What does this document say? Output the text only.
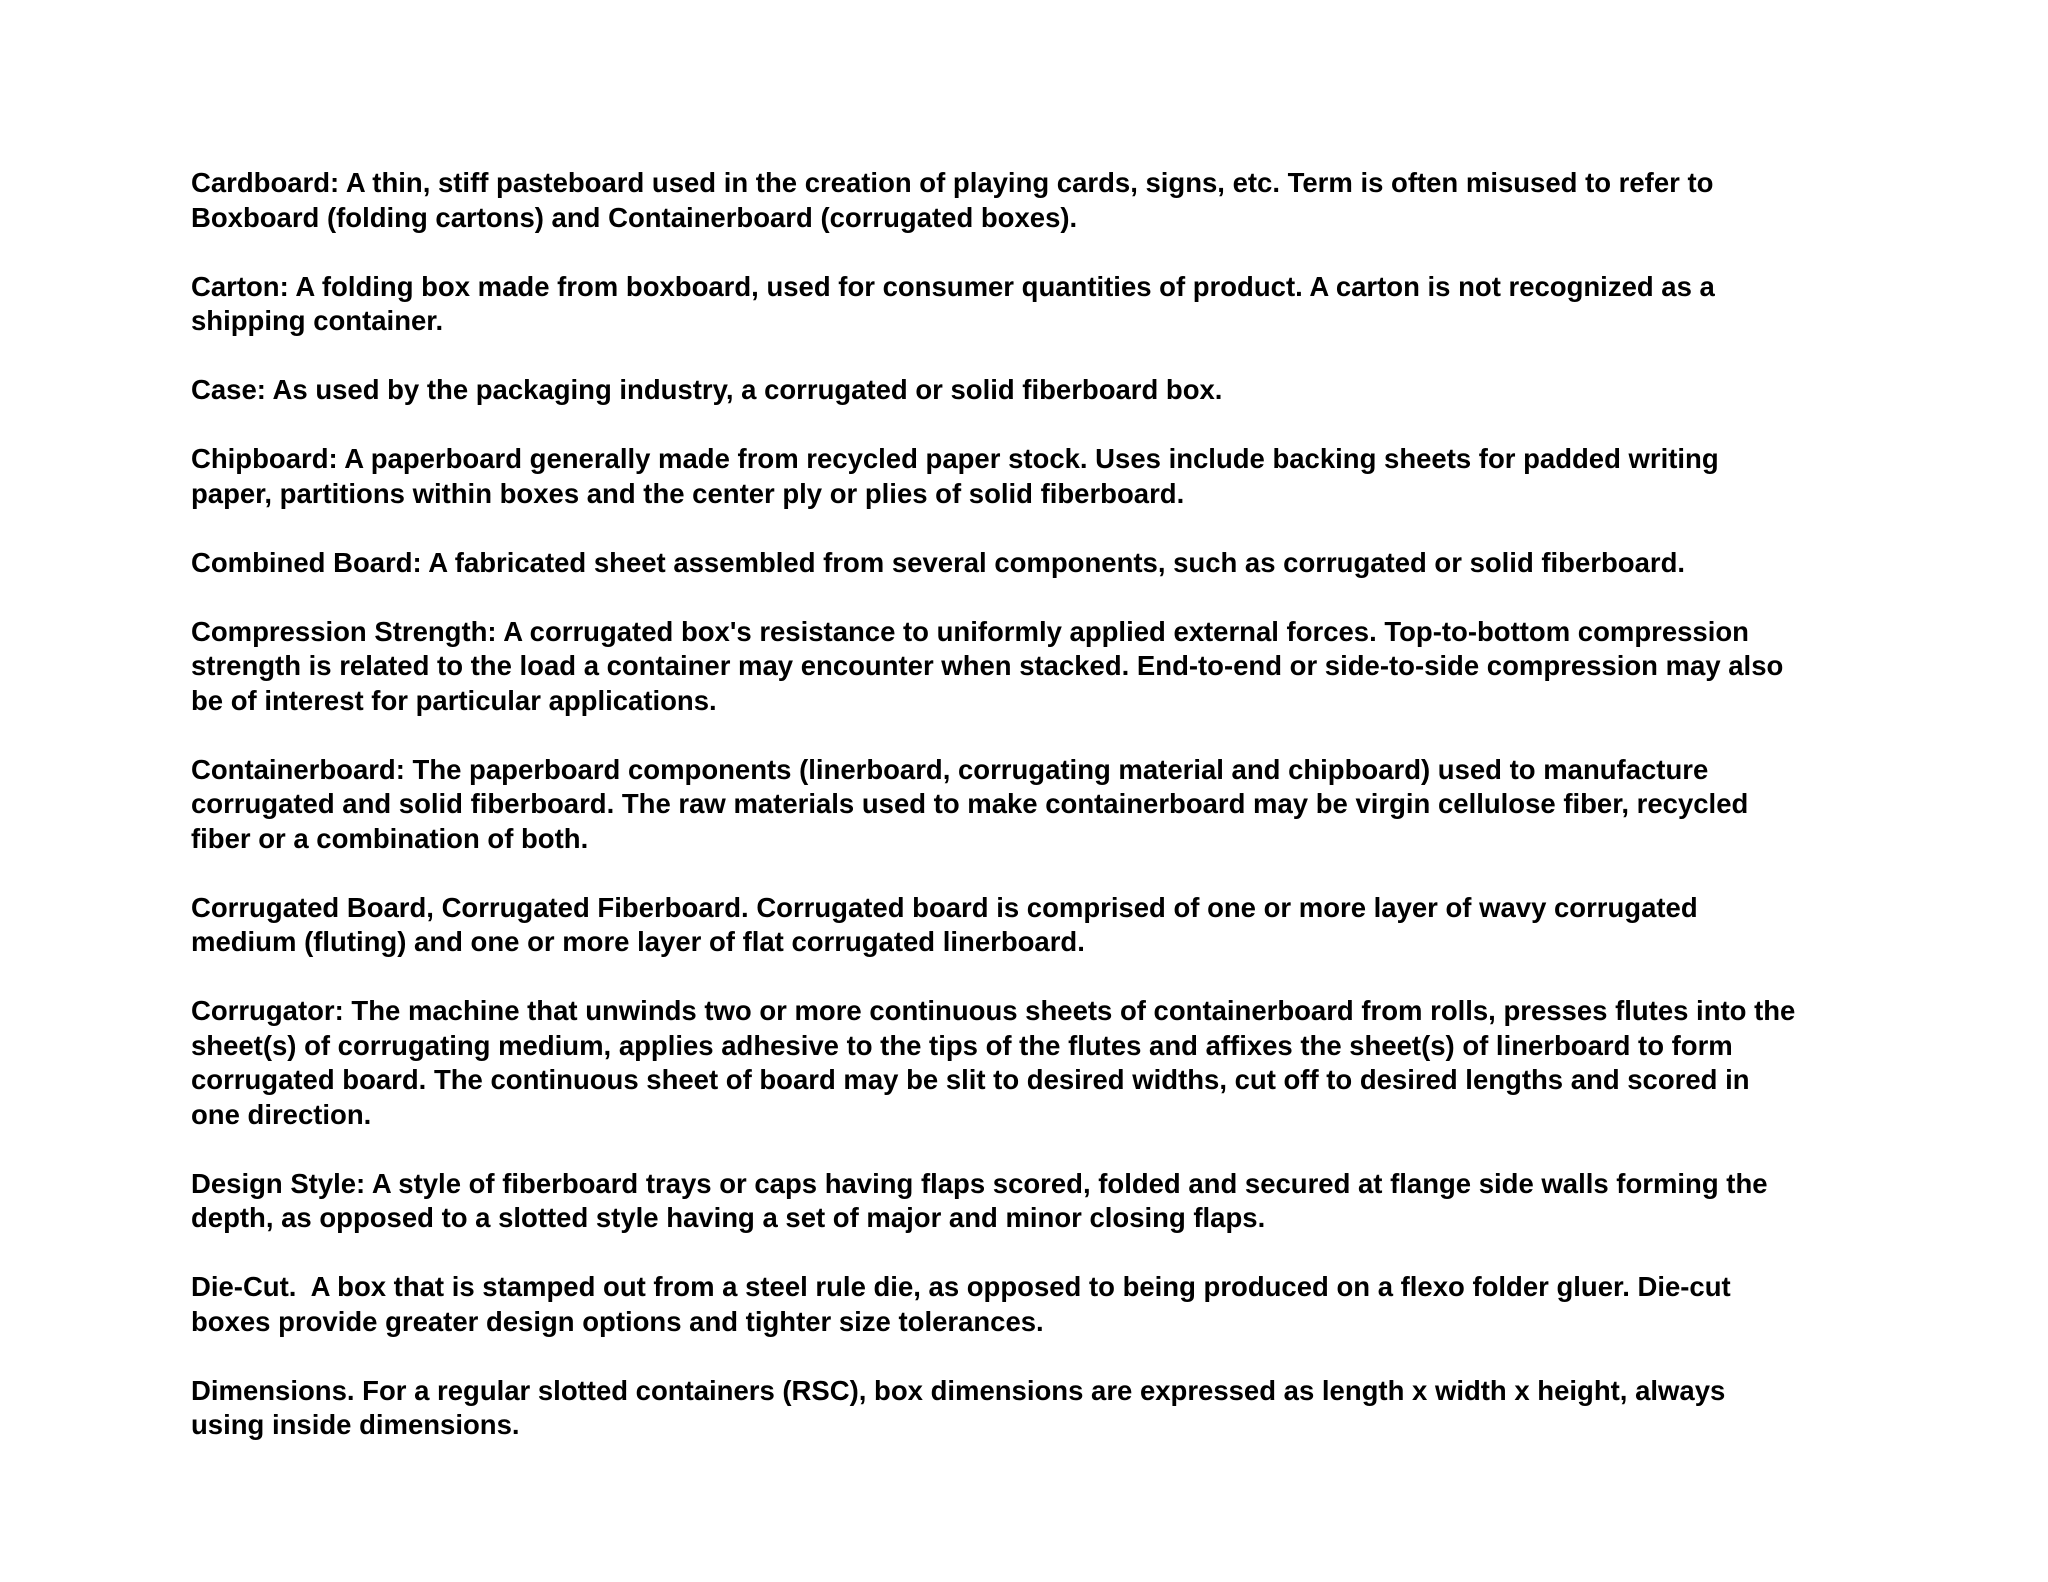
Cardboard: A thin, stiff pasteboard used in the creation of playing cards, signs, etc. Term is often misused to refer to
Boxboard (folding cartons) and Containerboard (corrugated boxes).
Carton: A folding box made from boxboard, used for consumer quantities of product. A carton is not recognized as a
shipping container.
Case: As used by the packaging industry, a corrugated or solid fiberboard box.
Chipboard: A paperboard generally made from recycled paper stock. Uses include backing sheets for padded writing
paper, partitions within boxes and the center ply or plies of solid fiberboard.
Combined Board: A fabricated sheet assembled from several components, such as corrugated or solid fiberboard.
Compression Strength: A corrugated box's resistance to uniformly applied external forces. Top-to-bottom compression
strength is related to the load a container may encounter when stacked. End-to-end or side-to-side compression may also
be of interest for particular applications.
Containerboard: The paperboard components (linerboard, corrugating material and chipboard) used to manufacture
corrugated and solid fiberboard. The raw materials used to make containerboard may be virgin cellulose fiber, recycled
fiber or a combination of both.
Corrugated Board, Corrugated Fiberboard. Corrugated board is comprised of one or more layer of wavy corrugated
medium (fluting) and one or more layer of flat corrugated linerboard.
Corrugator: The machine that unwinds two or more continuous sheets of containerboard from rolls, presses flutes into the
sheet(s) of corrugating medium, applies adhesive to the tips of the flutes and affixes the sheet(s) of linerboard to form
corrugated board. The continuous sheet of board may be slit to desired widths, cut off to desired lengths and scored in
one direction.
Design Style: A style of fiberboard trays or caps having flaps scored, folded and secured at flange side walls forming the
depth, as opposed to a slotted style having a set of major and minor closing flaps.
Die-Cut.  A box that is stamped out from a steel rule die, as opposed to being produced on a flexo folder gluer. Die-cut
boxes provide greater design options and tighter size tolerances.
Dimensions. For a regular slotted containers (RSC), box dimensions are expressed as length x width x height, always
using inside dimensions.
